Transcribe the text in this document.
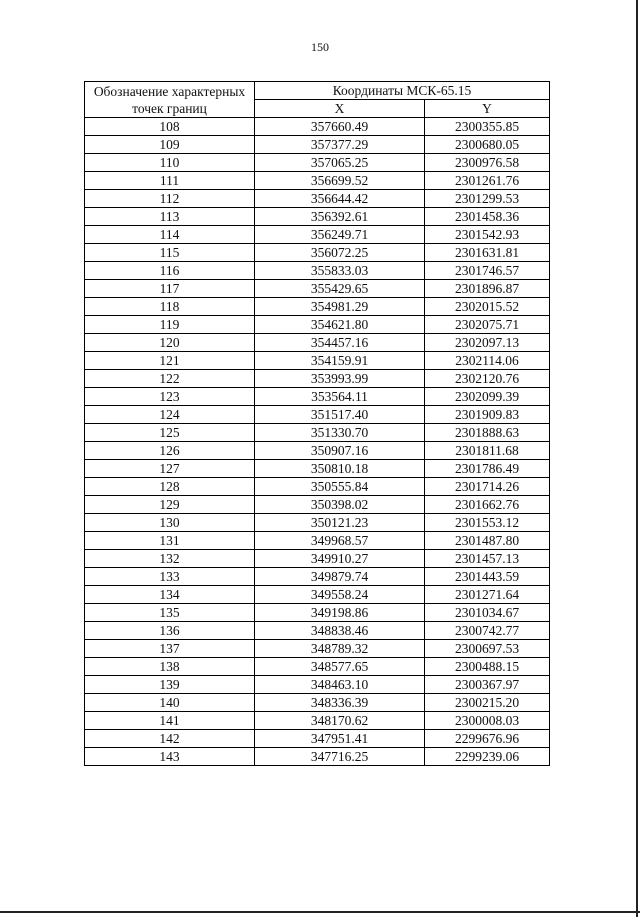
150
Обозначение характерных точек границ	Координаты МСК-65.15	
	X	Y
108	357660.49	2300355.85
109	357377.29	2300680.05
110	357065.25	2300976.58
111	356699.52	2301261.76
112	356644.42	2301299.53
113	356392.61	2301458.36
114	356249.71	2301542.93
115	356072.25	2301631.81
116	355833.03	2301746.57
117	355429.65	2301896.87
118	354981.29	2302015.52
119	354621.80	2302075.71
120	354457.16	2302097.13
121	354159.91	2302114.06
122	353993.99	2302120.76
123	353564.11	2302099.39
124	351517.40	2301909.83
125	351330.70	2301888.63
126	350907.16	2301811.68
127	350810.18	2301786.49
128	350555.84	2301714.26
129	350398.02	2301662.76
130	350121.23	2301553.12
131	349968.57	2301487.80
132	349910.27	2301457.13
133	349879.74	2301443.59
134	349558.24	2301271.64
135	349198.86	2301034.67
136	348838.46	2300742.77
137	348789.32	2300697.53
138	348577.65	2300488.15
139	348463.10	2300367.97
140	348336.39	2300215.20
141	348170.62	2300008.03
142	347951.41	2299676.96
143	347716.25	2299239.06
